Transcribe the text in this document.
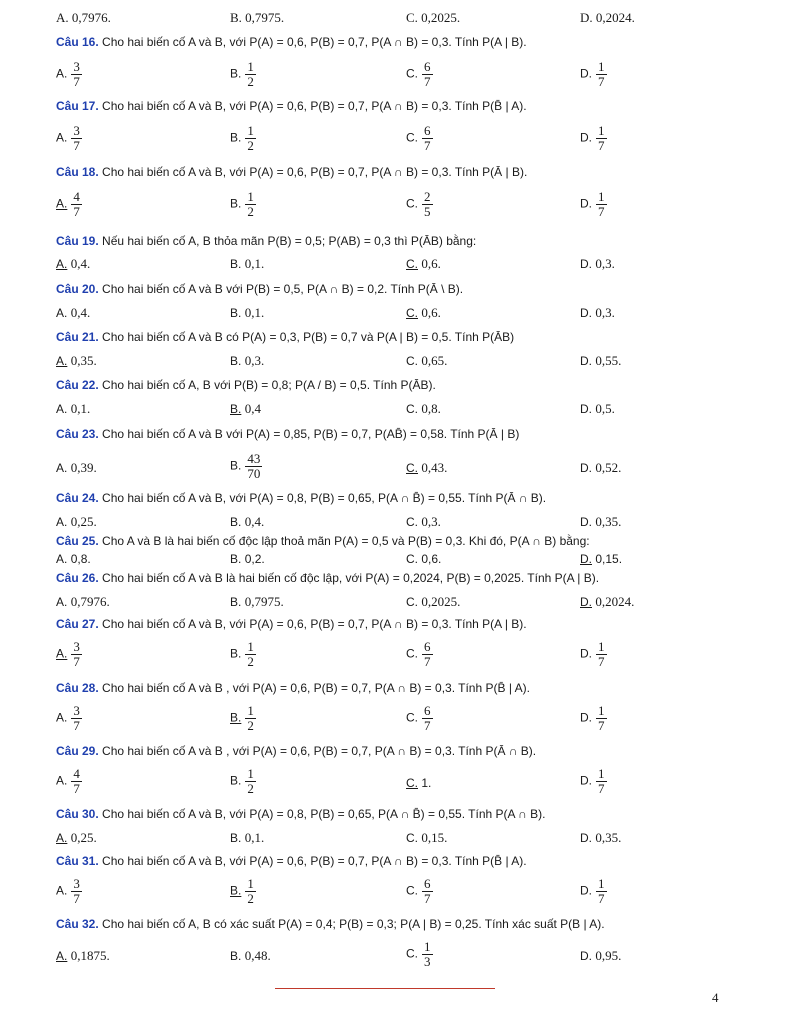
A. 0,7976.	B. 0,7975.	C. 0,2025.	D. 0,2024.
Câu 16. Cho hai biến cố A và B, với P(A) = 0,6, P(B) = 0,7, P(A ∩ B) = 0,3. Tính P(A | B).
A. $\frac{3}{7}$	B. $\frac{1}{2}$	C. $\frac{6}{7}$	D. $\frac{1}{7}$
Câu 17. Cho hai biến cố A và B, với P(A) = 0,6, P(B) = 0,7, P(A ∩ B) = 0,3. Tính P(B̄ | A).
A. $\frac{3}{7}$	B. $\frac{1}{2}$	C. $\frac{6}{7}$	D. $\frac{1}{7}$
Câu 18. Cho hai biến cố A và B, với P(A) = 0,6, P(B) = 0,7, P(A ∩ B) = 0,3. Tính P(Ā | B).
A. $\frac{4}{7}$	B. $\frac{1}{2}$	C. $\frac{2}{5}$	D. $\frac{1}{7}$
Câu 19. Nếu hai biến cố A, B thỏa mãn P(B) = 0,5; P(AB) = 0,3 thì P(ĀB) bằng:
A. 0,4.	B. 0,1.	C. 0,6.	D. 0,3.
Câu 20. Cho hai biến cố A và B với P(B) = 0,5, P(A ∩ B) = 0,2. Tính P(Ā \ B).
A. 0,4.	B. 0,1.	C. 0,6.	D. 0,3.
Câu 21. Cho hai biến cố A và B có P(A) = 0,3, P(B) = 0,7 và P(A | B) = 0,5. Tính P(ĀB)
A. 0,35.	B. 0,3.	C. 0,65.	D. 0,55.
Câu 22. Cho hai biến cố A, B với P(B) = 0,8; P(A / B) = 0,5. Tính P(ĀB).
A. 0,1.	B. 0,4	C. 0,8.	D. 0,5.
Câu 23. Cho hai biến cố A và B với P(A) = 0,85, P(B) = 0,7, P(AB̄) = 0,58. Tính P(Ā | B)
A. 0,39.	B. $\frac{43}{70}$	C. 0,43.	D. 0,52.
Câu 24. Cho hai biến cố A và B, với P(A) = 0,8, P(B) = 0,65, P(A ∩ B̄) = 0,55. Tính P(Ā ∩ B).
A. 0,25.	B. 0,4.	C. 0,3.	D. 0,35.
Câu 25. Cho A và B là hai biến cố độc lập thoả mãn P(A) = 0,5 và P(B) = 0,3. Khi đó, P(A ∩ B) bằng:
A. 0,8.	B. 0,2.	C. 0,6.	D. 0,15.
Câu 26. Cho hai biến cố A và B là hai biến cố độc lập, với P(A) = 0,2024, P(B) = 0,2025. Tính P(A | B).
A. 0,7976.	B. 0,7975.	C. 0,2025.	D. 0,2024.
Câu 27. Cho hai biến cố A và B, với P(A) = 0,6, P(B) = 0,7, P(A ∩ B) = 0,3. Tính P(A | B).
A. $\frac{3}{7}$	B. $\frac{1}{2}$	C. $\frac{6}{7}$	D. $\frac{1}{7}$
Câu 28. Cho hai biến cố A và B , với P(A) = 0,6, P(B) = 0,7, P(A ∩ B) = 0,3. Tính P(B̄ | A).
A. $\frac{3}{7}$	B. $\frac{1}{2}$	C. $\frac{6}{7}$	D. $\frac{1}{7}$
Câu 29. Cho hai biến cố A và B , với P(A) = 0,6, P(B) = 0,7, P(A ∩ B) = 0,3. Tính P(Ā ∩ B).
A. $\frac{4}{7}$	B. $\frac{1}{2}$	C. 1.	D. $\frac{1}{7}$
Câu 30. Cho hai biến cố A và B, với P(A) = 0,8, P(B) = 0,65, P(A ∩ B̄) = 0,55. Tính P(A ∩ B).
A. 0,25.	B. 0,1.	C. 0,15.	D. 0,35.
Câu 31. Cho hai biến cố A và B, với P(A) = 0,6, P(B) = 0,7, P(A ∩ B) = 0,3. Tính P(B̄ | A).
A. $\frac{3}{7}$	B. $\frac{1}{2}$	C. $\frac{6}{7}$	D. $\frac{1}{7}$
Câu 32. Cho hai biến cố A, B có xác suất P(A) = 0,4; P(B) = 0,3; P(A | B) = 0,25. Tính xác suất P(B | A).
A. 0,1875.	B. 0,48.	C. $\frac{1}{3}$	D. 0,95.
4
